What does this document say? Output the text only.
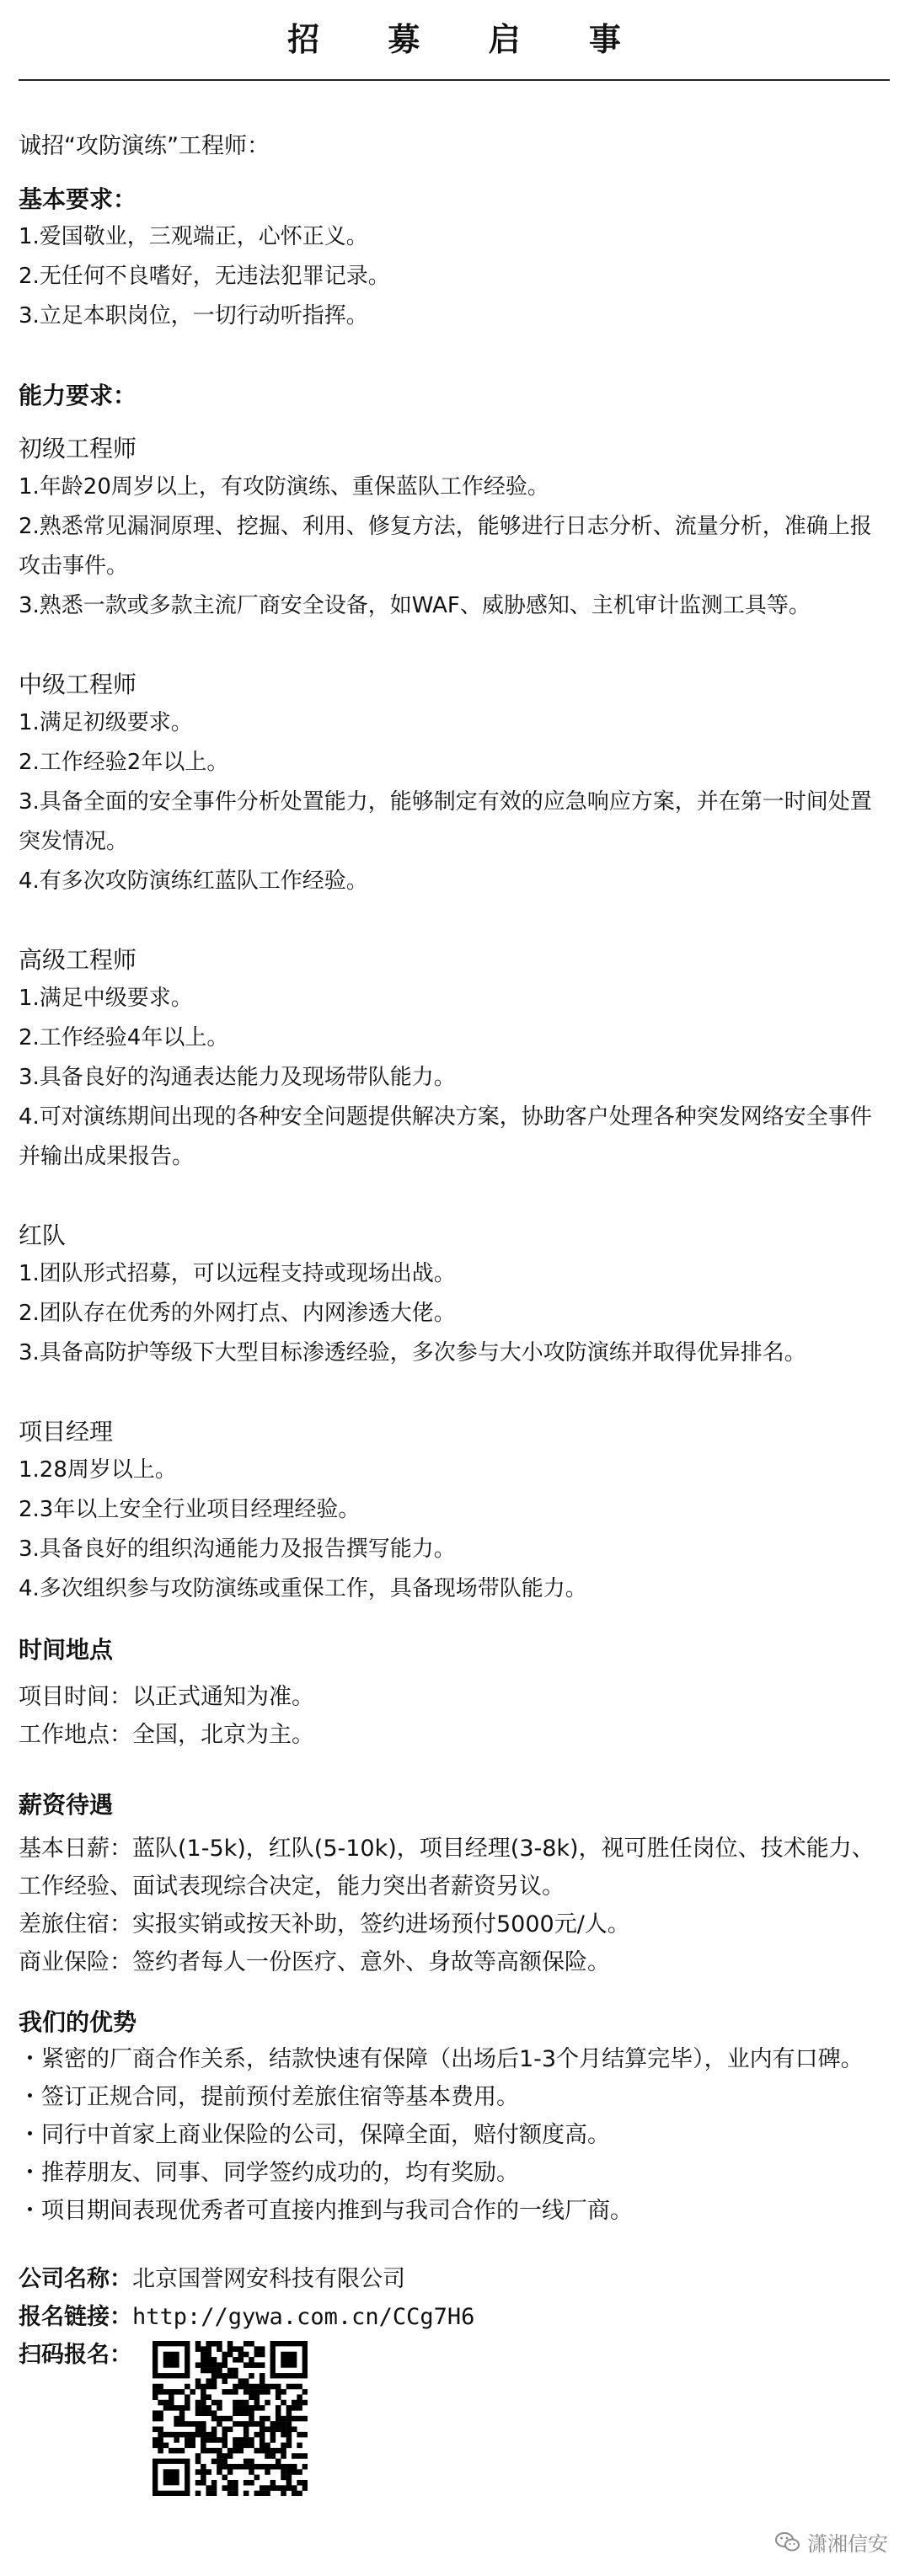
招 募 启 事
诚招“攻防演练”工程师：
基本要求：
1.爱国敬业，三观端正，心怀正义。
2.无任何不良嗜好，无违法犯罪记录。
3.立足本职岗位，一切行动听指挥。
能力要求：
初级工程师
1.年龄20周岁以上，有攻防演练、重保蓝队工作经验。
2.熟悉常见漏洞原理、挖掘、利用、修复方法，能够进行日志分析、流量分析，准确上报攻击事件。
3.熟悉一款或多款主流厂商安全设备，如WAF、威胁感知、主机审计监测工具等。
中级工程师
1.满足初级要求。
2.工作经验2年以上。
3.具备全面的安全事件分析处置能力，能够制定有效的应急响应方案，并在第一时间处置突发情况。
4.有多次攻防演练红蓝队工作经验。
高级工程师
1.满足中级要求。
2.工作经验4年以上。
3.具备良好的沟通表达能力及现场带队能力。
4.可对演练期间出现的各种安全问题提供解决方案，协助客户处理各种突发网络安全事件并输出成果报告。
红队
1.团队形式招募，可以远程支持或现场出战。
2.团队存在优秀的外网打点、内网渗透大佬。
3.具备高防护等级下大型目标渗透经验，多次参与大小攻防演练并取得优异排名。
项目经理
1.28周岁以上。
2.3年以上安全行业项目经理经验。
3.具备良好的组织沟通能力及报告撰写能力。
4.多次组织参与攻防演练或重保工作，具备现场带队能力。
时间地点
项目时间：以正式通知为准。
工作地点：全国，北京为主。
薪资待遇
基本日薪：蓝队(1-5k)，红队(5-10k)，项目经理(3-8k)，视可胜任岗位、技术能力、工作经验、面试表现综合决定，能力突出者薪资另议。
差旅住宿：实报实销或按天补助，签约进场预付5000元/人。
商业保险：签约者每人一份医疗、意外、身故等高额保险。
我们的优势
・紧密的厂商合作关系，结款快速有保障（出场后1-3个月结算完毕），业内有口碑。
・签订正规合同，提前预付差旅住宿等基本费用。
・同行中首家上商业保险的公司，保障全面，赔付额度高。
・推荐朋友、同事、同学签约成功的，均有奖励。
・项目期间表现优秀者可直接内推到与我司合作的一线厂商。
公司名称：北京国誉网安科技有限公司
报名链接：http://gywa.com.cn/CCg7H6
扫码报名：
潇湘信安
